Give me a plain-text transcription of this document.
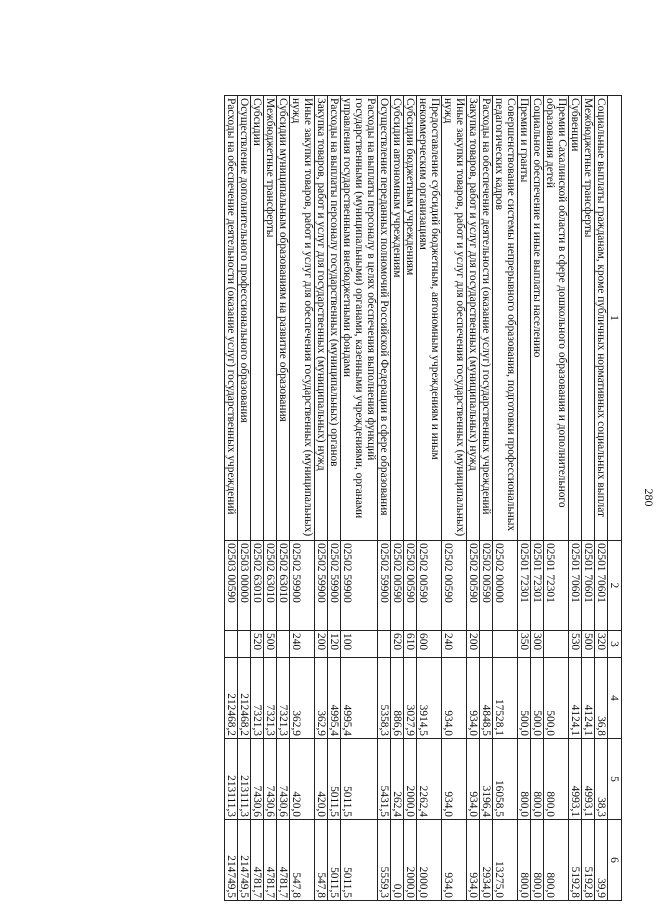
280
1	2	3	4	5	6
Социальные выплаты гражданам, кроме публичных нормативных социальных выплат	02501 70601	320	36,8	38,3	39,9
Межбюджетные трансферты	02501 70601	500	4124,1	4993,1	5192,8
Субвенции	02501 70601	530	4124,1	4993,1	5192,8
Премии Сахалинской области в сфере дошкольного образования и дополнительного образования детей	02501 72301		500,0	800,0	800,0
Социальное обеспечение и иные выплаты населению	02501 72301	300	500,0	800,0	800,0
Премии и гранты	02501 72301	350	500,0	800,0	800,0
Совершенствование системы непрерывного образования, подготовки профессиональных педагогических кадров	02502 00000		17528,1	16058,5	13275,0
Расходы на обеспечение деятельности (оказание услуг) государственных учреждений	02502 00590		4848,5	3196,4	2934,0
Закупка товаров, работ и услуг для государственных (муниципальных) нужд	02502 00590	200	934,0	934,0	934,0
Иные закупки товаров, работ и услуг для обеспечения государственных (муниципальных) нужд	02502 00590	240	934,0	934,0	934,0
Предоставление субсидий бюджетным, автономным учреждениям и иным некоммерческим организациям	02502 00590	600	3914,5	2262,4	2000,0
Субсидии бюджетным учреждениям	02502 00590	610	3027,9	2000,0	2000,0
Субсидии автономным учреждениям	02502 00590	620	886,6	262,4	0,0
Осуществление переданных полномочий Российской Федерации в сфере образования	02502 59900		5358,3	5431,5	5559,3
Расходы на выплаты персоналу в целях обеспечения выполнения функций государственными (муниципальными) органами, казенными учреждениями, органами управления государственными внебюджетными фондами	02502 59900	100	4995,4	5011,5	5011,5
Расходы на выплаты персоналу государственных (муниципальных) органов	02502 59900	120	4995,4	5011,5	5011,5
Закупка товаров, работ и услуг для государственных (муниципальных) нужд	02502 59900	200	362,9	420,0	547,8
Иные закупки товаров, работ и услуг для обеспечения государственных (муниципальных) нужд	02502 59900	240	362,9	420,0	547,8
Субсидии муниципальным образованиям на развитие образования	02502 63010		7321,3	7430,6	4781,7
Межбюджетные трансферты	02502 63010	500	7321,3	7430,6	4781,7
Субсидии	02502 63010	520	7321,3	7430,6	4781,7
Осуществление дополнительного профессионального образования	02503 00000		212468,2	213111,3	214749,5
Расходы на обеспечение деятельности (оказание услуг) государственных учреждений	02503 00590		212468,2	213111,3	214749,5
